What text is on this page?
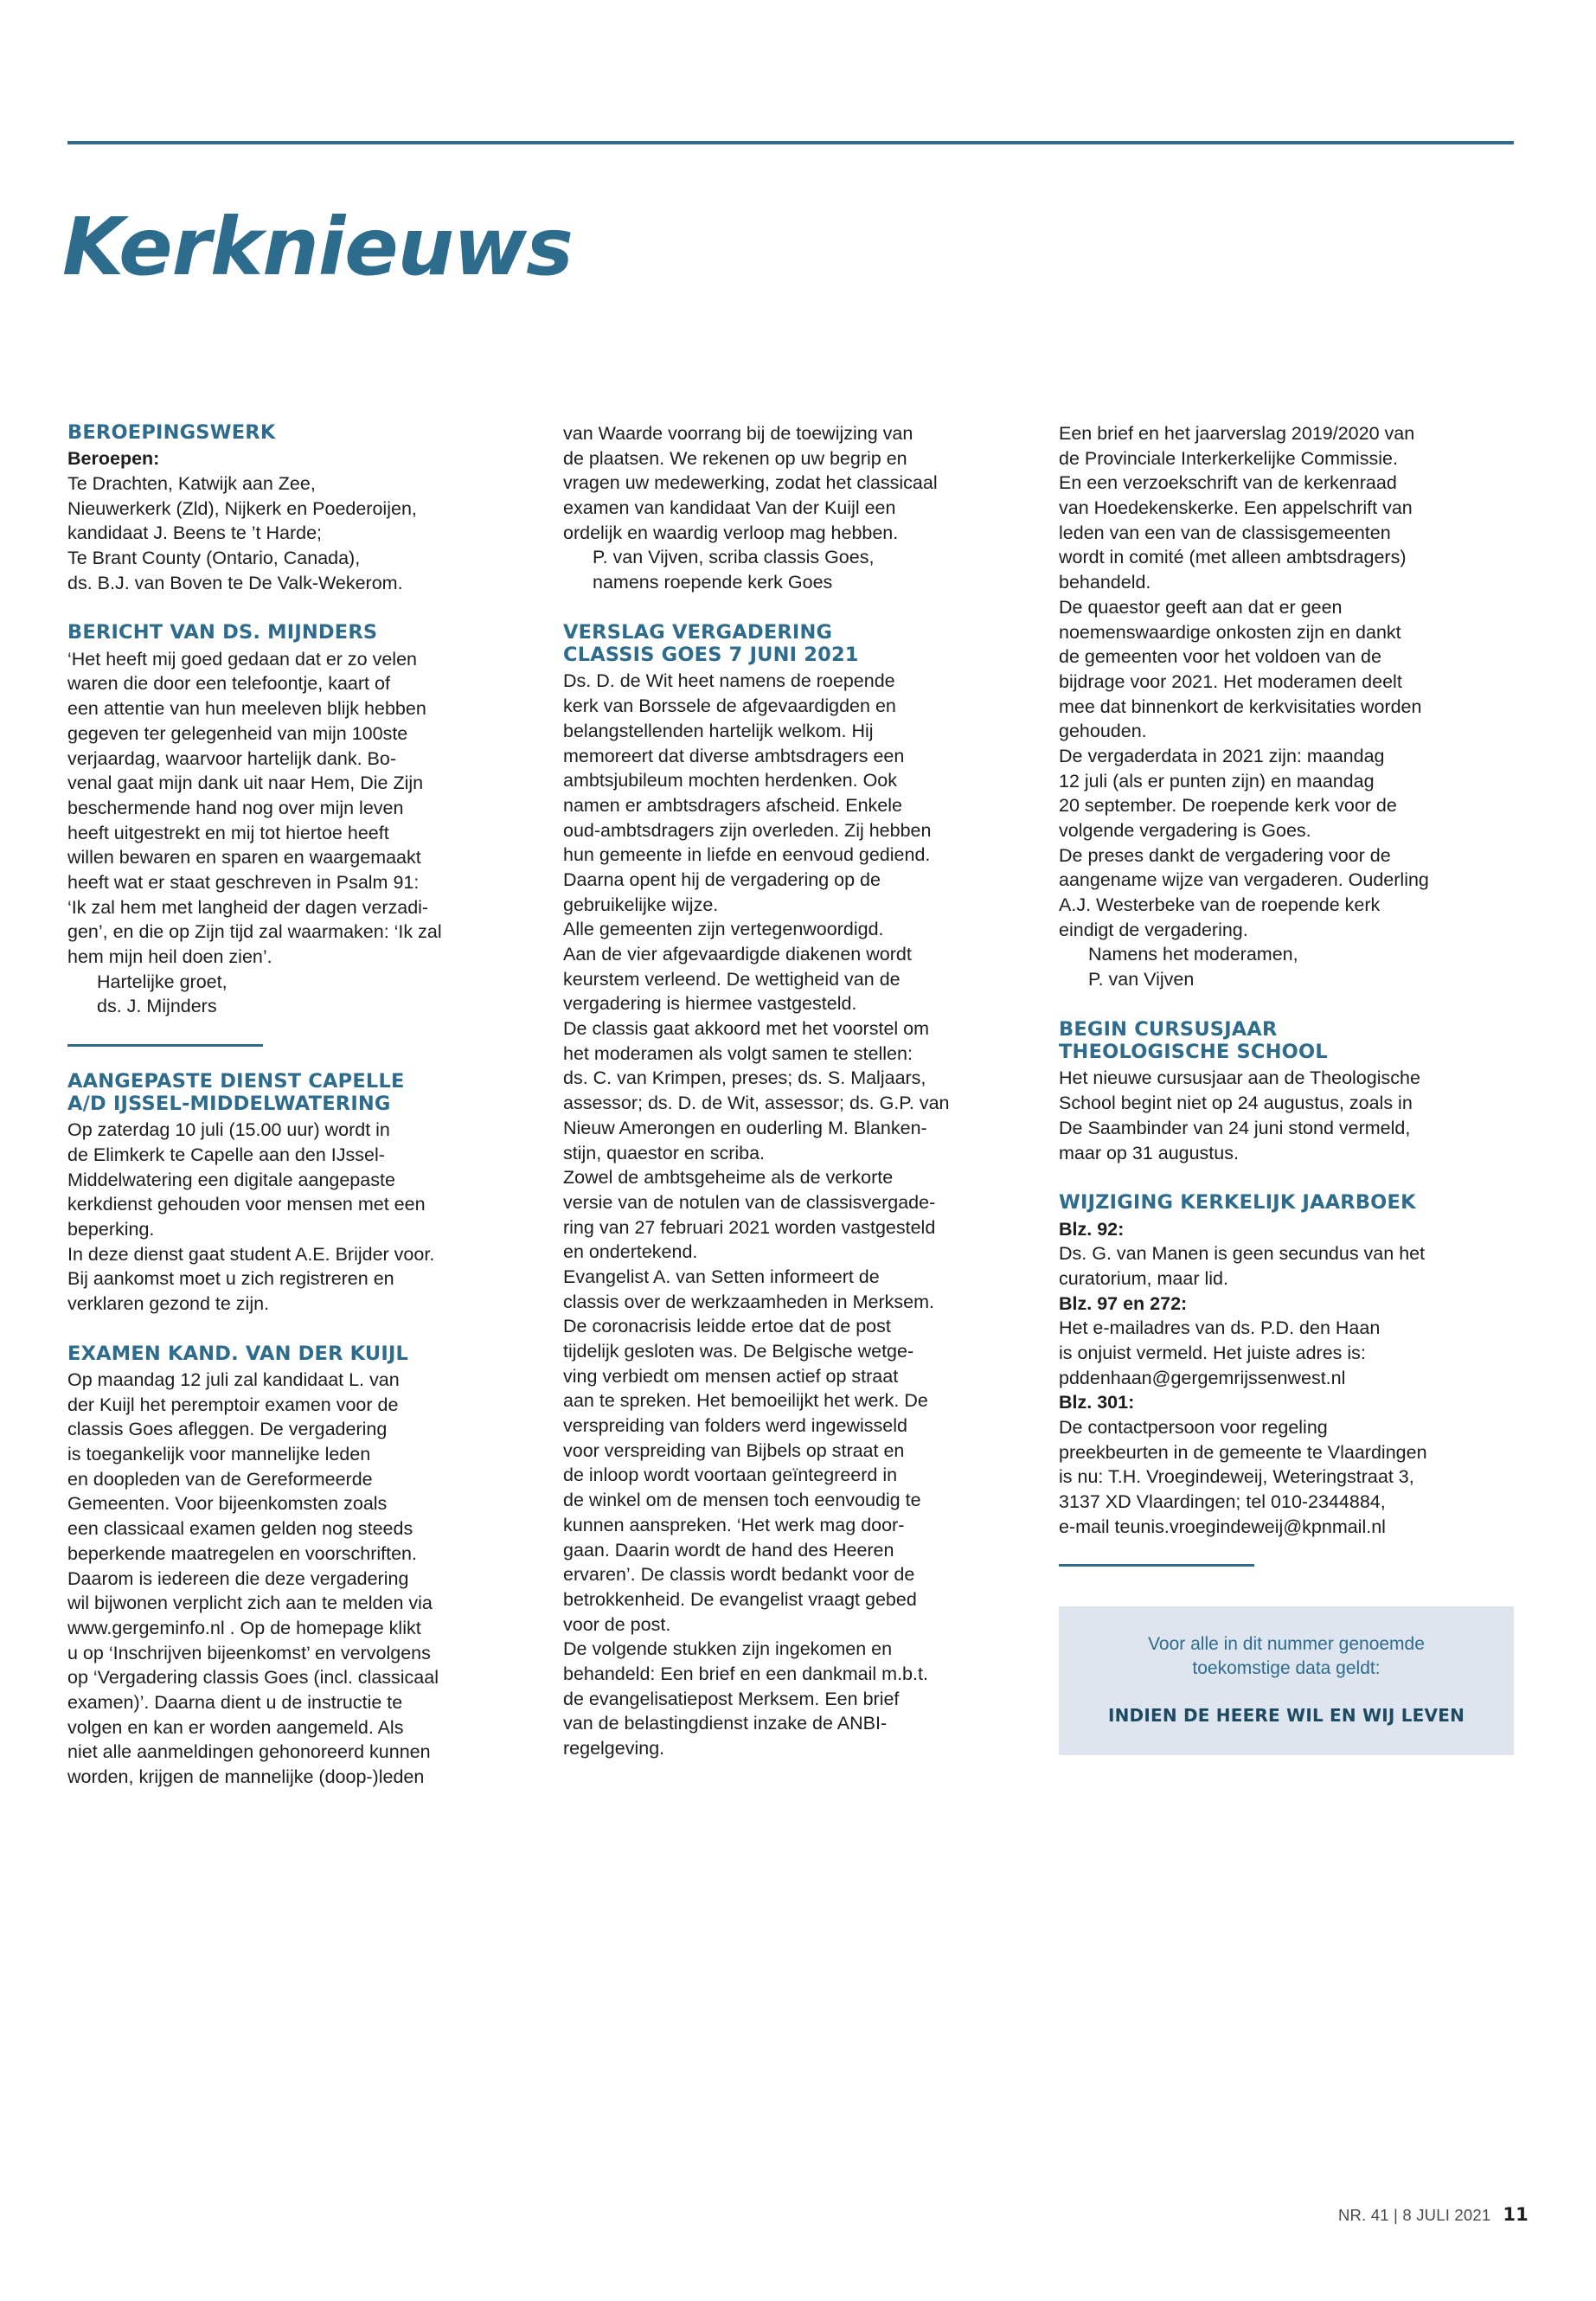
Kerknieuws
BEROEPINGSWERK

Beroepen:

Te Drachten, Katwijk aan Zee,
Nieuwerkerk (Zld), Nijkerk en Poederoijen,
kandidaat J. Beens te ’t Harde;
Te Brant County (Ontario, Canada),
ds. B.J. van Boven te De Valk-Wekerom.

BERICHT VAN DS. MIJNDERS

‘Het heeft mij goed gedaan dat er zo velen
waren die door een telefoontje, kaart of
een attentie van hun meeleven blijk hebben
gegeven ter gelegenheid van mijn 100ste
verjaardag, waarvoor hartelijk dank. Bo-
venal gaat mijn dank uit naar Hem, Die Zijn
beschermende hand nog over mijn leven
heeft uitgestrekt en mij tot hiertoe heeft
willen bewaren en sparen en waargemaakt
heeft wat er staat geschreven in Psalm 91:
‘Ik zal hem met langheid der dagen verzadi-
gen’, en die op Zijn tijd zal waarmaken: ‘Ik zal
hem mijn heil doen zien’.

Hartelijke groet,
ds. J. Mijnders

AANGEPASTE DIENST CAPELLE
A/D IJSSEL-MIDDELWATERING

Op zaterdag 10 juli (15.00 uur) wordt in
de Elimkerk te Capelle aan den IJssel-
Middelwatering een digitale aangepaste
kerkdienst gehouden voor mensen met een
beperking.
In deze dienst gaat student A.E. Brijder voor.
Bij aankomst moet u zich registreren en
verklaren gezond te zijn.

EXAMEN KAND. VAN DER KUIJL

Op maandag 12 juli zal kandidaat L. van
der Kuijl het peremptoir examen voor de
classis Goes afleggen. De vergadering
is toegankelijk voor mannelijke leden
en doopleden van de Gereformeerde
Gemeenten. Voor bijeenkomsten zoals
een classicaal examen gelden nog steeds
beperkende maatregelen en voorschriften.
Daarom is iedereen die deze vergadering
wil bijwonen verplicht zich aan te melden via
www.gergeminfo.nl . Op de homepage klikt
u op ‘Inschrijven bijeenkomst’ en vervolgens
op ‘Vergadering classis Goes (incl. classicaal
examen)’. Daarna dient u de instructie te
volgen en kan er worden aangemeld. Als
niet alle aanmeldingen gehonoreerd kunnen
worden, krijgen de mannelijke (doop-)leden

van Waarde voorrang bij de toewijzing van
de plaatsen. We rekenen op uw begrip en
vragen uw medewerking, zodat het classicaal
examen van kandidaat Van der Kuijl een
ordelijk en waardig verloop mag hebben.

P. van Vijven, scriba classis Goes,
namens roepende kerk Goes

VERSLAG VERGADERING
CLASSIS GOES 7 JUNI 2021

Ds. D. de Wit heet namens de roepende
kerk van Borssele de afgevaardigden en
belangstellenden hartelijk welkom. Hij
memoreert dat diverse ambtsdragers een
ambtsjubileum mochten herdenken. Ook
namen er ambtsdragers afscheid. Enkele
oud-ambtsdragers zijn overleden. Zij hebben
hun gemeente in liefde en eenvoud gediend.
Daarna opent hij de vergadering op de
gebruikelijke wijze.
Alle gemeenten zijn vertegenwoordigd.
Aan de vier afgevaardigde diakenen wordt
keurstem verleend. De wettigheid van de
vergadering is hiermee vastgesteld.
De classis gaat akkoord met het voorstel om
het moderamen als volgt samen te stellen:
ds. C. van Krimpen, preses; ds. S. Maljaars,
assessor; ds. D. de Wit, assessor; ds. G.P. van
Nieuw Amerongen en ouderling M. Blanken-
stijn, quaestor en scriba.
Zowel de ambtsgeheime als de verkorte
versie van de notulen van de classisvergade-
ring van 27 februari 2021 worden vastgesteld
en ondertekend.
Evangelist A. van Setten informeert de
classis over de werkzaamheden in Merksem.
De coronacrisis leidde ertoe dat de post
tijdelijk gesloten was. De Belgische wetge-
ving verbiedt om mensen actief op straat
aan te spreken. Het bemoeilijkt het werk. De
verspreiding van folders werd ingewisseld
voor verspreiding van Bijbels op straat en
de inloop wordt voortaan geïntegreerd in
de winkel om de mensen toch eenvoudig te
kunnen aanspreken. ‘Het werk mag door-
gaan. Daarin wordt de hand des Heeren
ervaren’. De classis wordt bedankt voor de
betrokkenheid. De evangelist vraagt gebed
voor de post.
De volgende stukken zijn ingekomen en
behandeld: Een brief en een dankmail m.b.t.
de evangelisatiepost Merksem. Een brief
van de belastingdienst inzake de ANBI-
regelgeving.

Een brief en het jaarverslag 2019/2020 van
de Provinciale Interkerkelijke Commissie.
En een verzoekschrift van de kerkenraad
van Hoedekenskerke. Een appelschrift van
leden van een van de classisgemeenten
wordt in comité (met alleen ambtsdragers)
behandeld.
De quaestor geeft aan dat er geen
noemenswaardige onkosten zijn en dankt
de gemeenten voor het voldoen van de
bijdrage voor 2021. Het moderamen deelt
mee dat binnenkort de kerkvisitaties worden
gehouden.
De vergaderdata in 2021 zijn: maandag
12 juli (als er punten zijn) en maandag
20 september. De roepende kerk voor de
volgende vergadering is Goes.
De preses dankt de vergadering voor de
aangename wijze van vergaderen. Ouderling
A.J. Westerbeke van de roepende kerk
eindigt de vergadering.

Namens het moderamen,
P. van Vijven

BEGIN CURSUSJAAR
THEOLOGISCHE SCHOOL

Het nieuwe cursusjaar aan de Theologische
School begint niet op 24 augustus, zoals in
De Saambinder van 24 juni stond vermeld,
maar op 31 augustus.

WIJZIGING KERKELIJK JAARBOEK

Blz. 92:

Ds. G. van Manen is geen secundus van het
curatorium, maar lid.

Blz. 97 en 272:

Het e-mailadres van ds. P.D. den Haan
is onjuist vermeld. Het juiste adres is:
pddenhaan@gergemrijssenwest.nl

Blz. 301:

De contactpersoon voor regeling
preekbeurten in de gemeente te Vlaardingen
is nu: T.H. Vroegindeweij, Weteringstraat 3,
3137 XD Vlaardingen; tel 010-2344884,
e-mail teunis.vroegindeweij@kpnmail.nl

Voor alle in dit nummer genoemde
toekomstige data geldt:
INDIEN DE HEERE WIL EN WIJ LEVEN
NR. 41 | 8 JULI 2021 11
